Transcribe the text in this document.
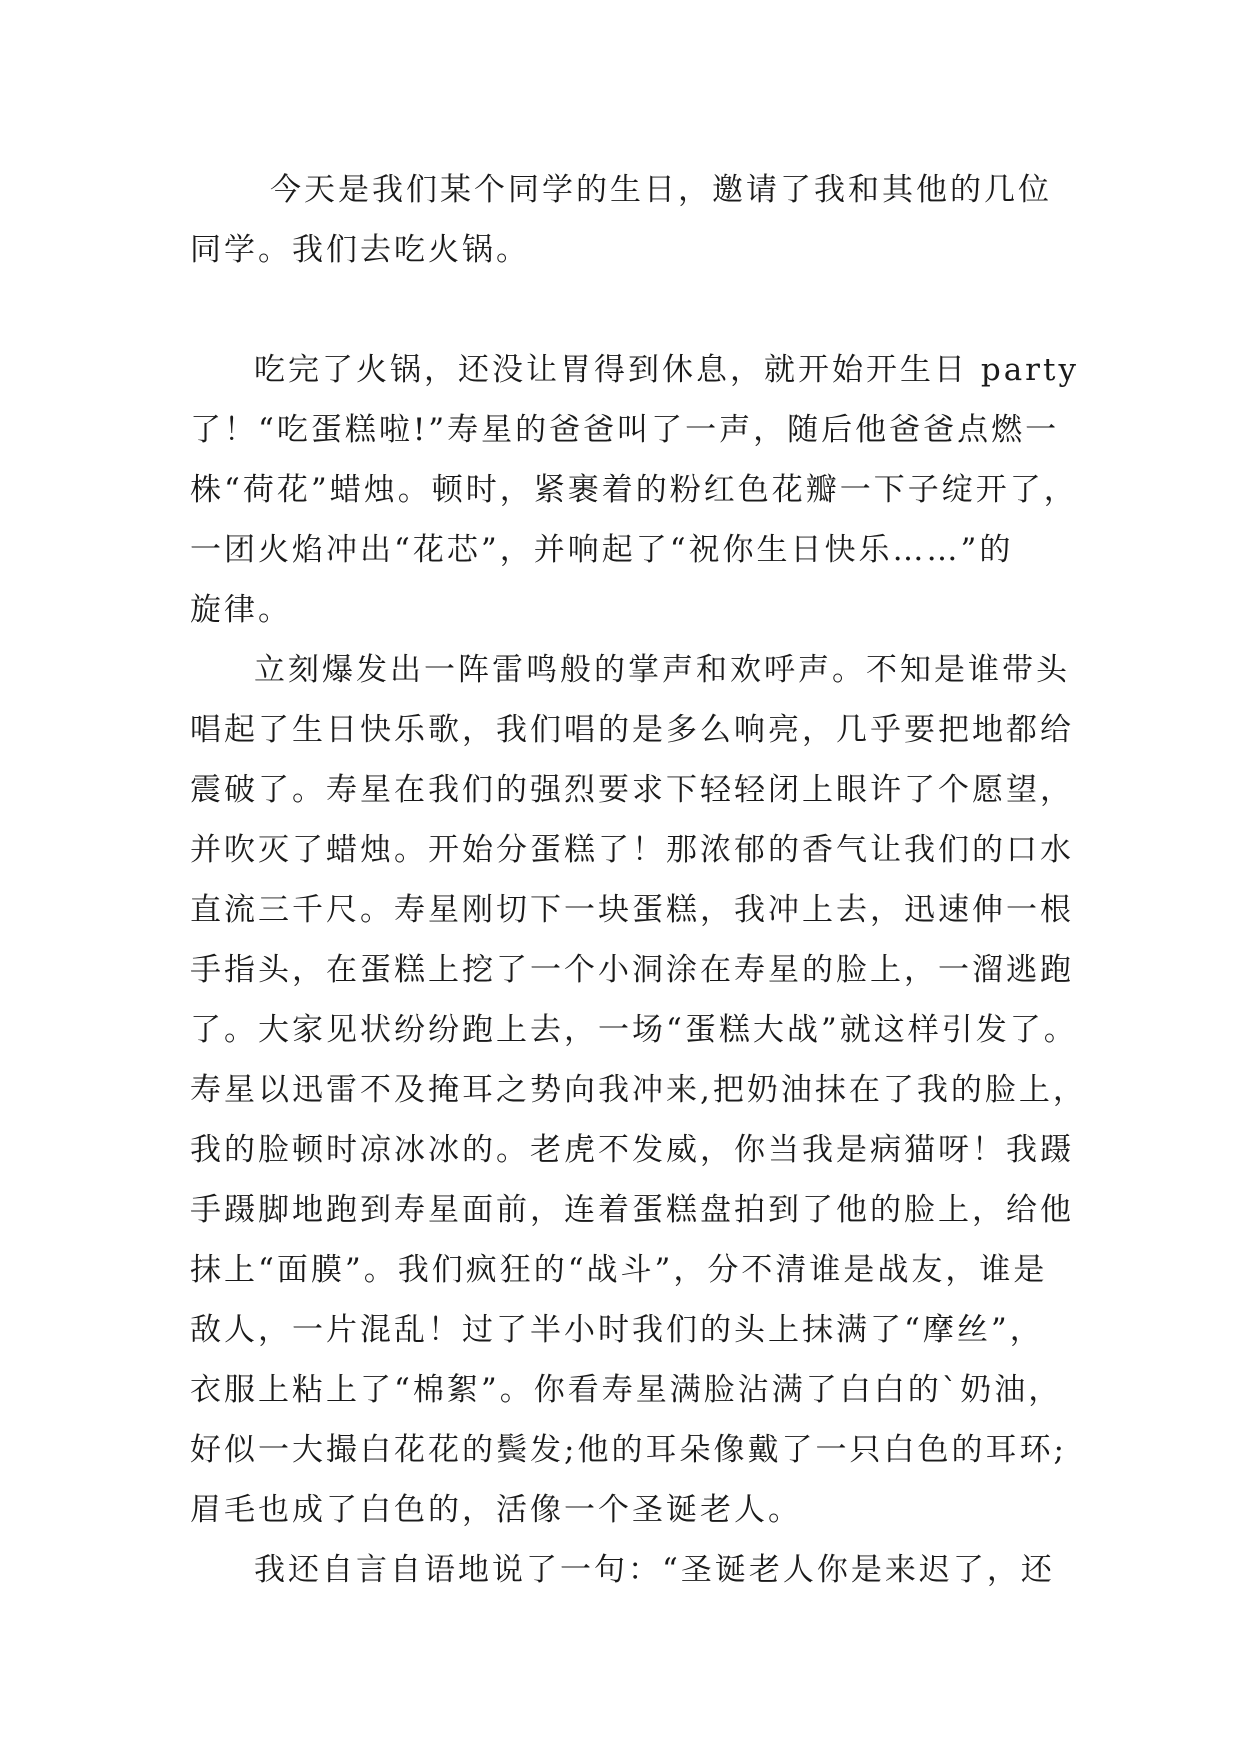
今天是我们某个同学的生日，邀请了我和其他的几位
同学。我们去吃火锅。
吃完了火锅，还没让胃得到休息，就开始开生日 party
了！“吃蛋糕啦!”寿星的爸爸叫了一声，随后他爸爸点燃一
株“荷花”蜡烛。顿时，紧裹着的粉红色花瓣一下子绽开了，
一团火焰冲出“花芯”，并响起了“祝你生日快乐……”的
旋律。
立刻爆发出一阵雷鸣般的掌声和欢呼声。不知是谁带头
唱起了生日快乐歌，我们唱的是多么响亮，几乎要把地都给
震破了。寿星在我们的强烈要求下轻轻闭上眼许了个愿望，
并吹灭了蜡烛。开始分蛋糕了！那浓郁的香气让我们的口水
直流三千尺。寿星刚切下一块蛋糕，我冲上去，迅速伸一根
手指头，在蛋糕上挖了一个小洞涂在寿星的脸上，一溜逃跑
了。大家见状纷纷跑上去，一场“蛋糕大战”就这样引发了。
寿星以迅雷不及掩耳之势向我冲来,把奶油抹在了我的脸上，
我的脸顿时凉冰冰的。老虎不发威，你当我是病猫呀！我蹑
手蹑脚地跑到寿星面前，连着蛋糕盘拍到了他的脸上，给他
抹上“面膜”。我们疯狂的“战斗”，分不清谁是战友，谁是
敌人，一片混乱！过了半小时我们的头上抹满了“摩丝”，
衣服上粘上了“棉絮”。你看寿星满脸沾满了白白的`奶油，
好似一大撮白花花的鬓发;他的耳朵像戴了一只白色的耳环;
眉毛也成了白色的，活像一个圣诞老人。
我还自言自语地说了一句：“圣诞老人你是来迟了，还
